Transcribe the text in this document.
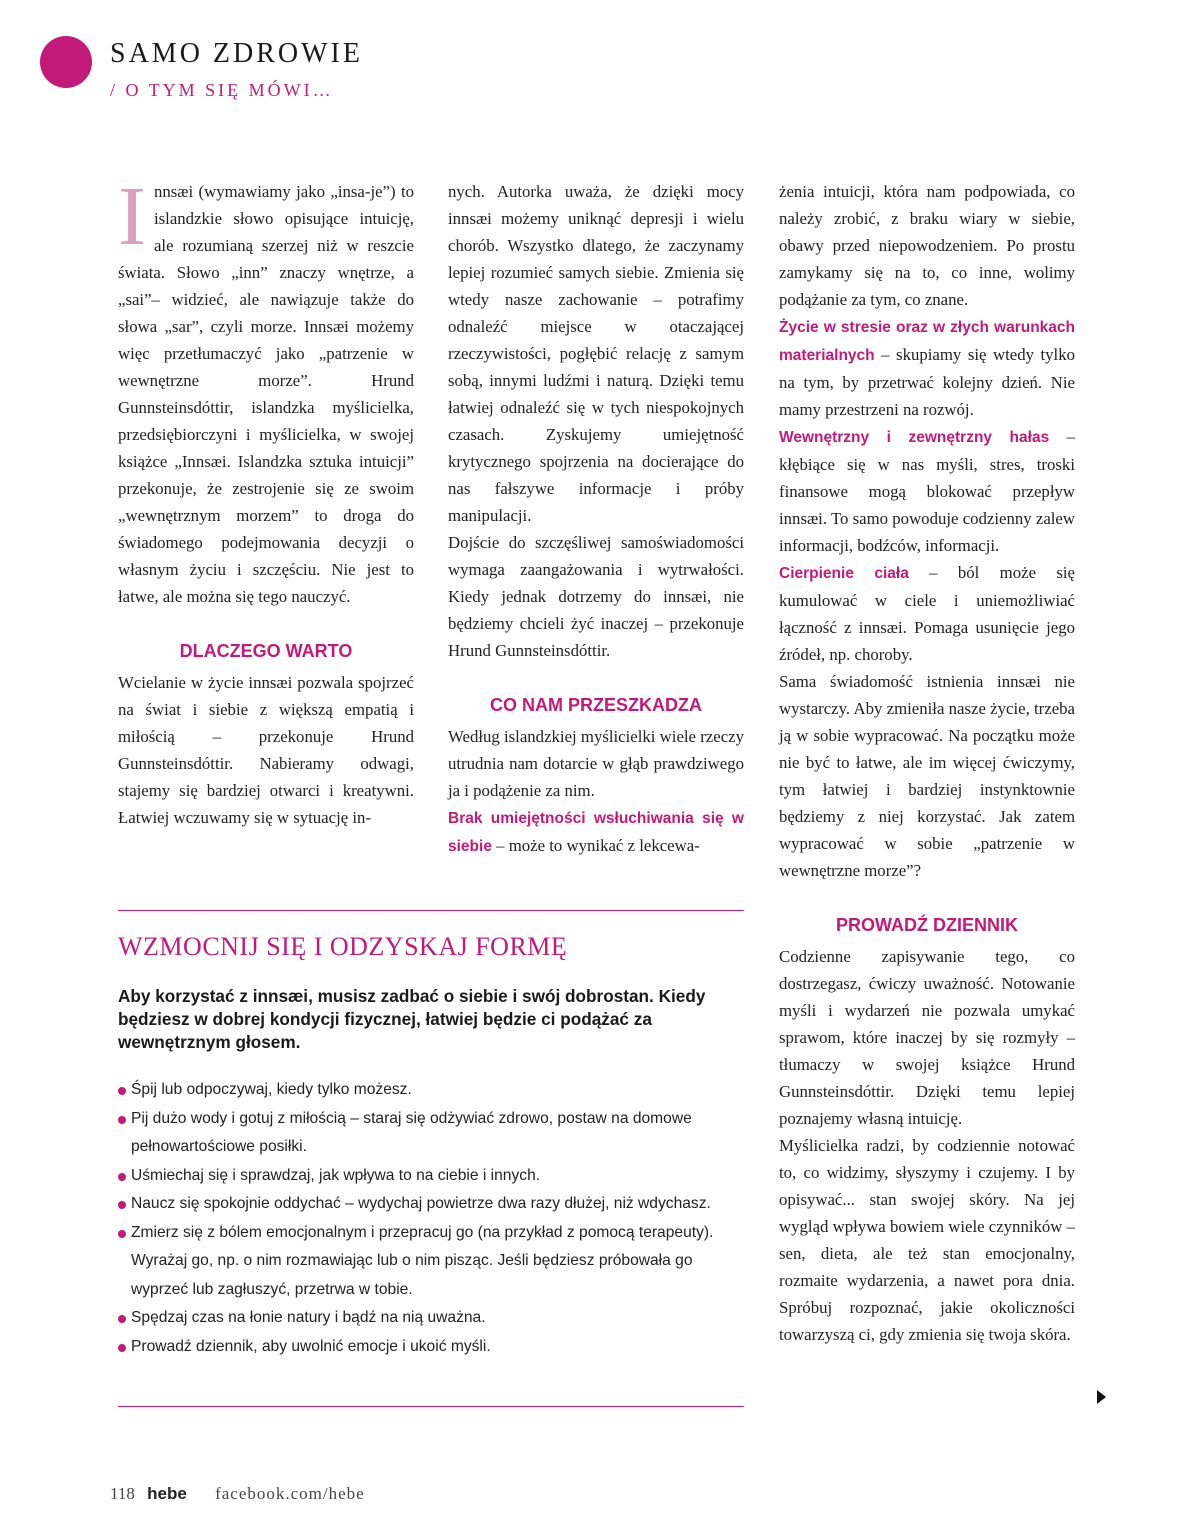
SAMO ZDROWIE
/ O TYM SIĘ MÓWI…

Innsæi (wymawiamy jako „insa-je”) to islandzkie słowo opisujące intuicję, ale rozumianą szerzej niż w reszcie świata. Słowo „inn” znaczy wnętrze, a „sai”– widzieć, ale nawiązuje także do słowa „sar”, czyli morze. Innsæi możemy więc przetłumaczyć jako „patrzenie w wewnętrzne morze”. Hrund Gunnsteinsdóttir, islandzka myślicielka, przedsiębiorczyni i myślicielka, w swojej książce „Innsæi. Islandzka sztuka intuicji” przekonuje, że zestrojenie się ze swoim „wewnętrznym morzem” to droga do świadomego podejmowania decyzji o własnym życiu i szczęściu. Nie jest to łatwe, ale można się tego nauczyć.

DLACZEGO WARTO

Wcielanie w życie innsæi pozwala spojrzeć na świat i siebie z większą empatią i miłością – przekonuje Hrund Gunnsteinsdóttir. Nabieramy odwagi, stajemy się bardziej otwarci i kreatywni. Łatwiej wczuwamy się w sytuację in-

nych. Autorka uważa, że dzięki mocy innsæi możemy uniknąć depresji i wielu chorób. Wszystko dlatego, że zaczynamy lepiej rozumieć samych siebie. Zmienia się wtedy nasze zachowanie – potrafimy odnaleźć miejsce w otaczającej rzeczywistości, pogłębić relację z samym sobą, innymi ludźmi i naturą. Dzięki temu łatwiej odnaleźć się w tych niespokojnych czasach. Zyskujemy umiejętność krytycznego spojrzenia na docierające do nas fałszywe informacje i próby manipulacji.

Dojście do szczęśliwej samoświadomości wymaga zaangażowania i wytrwałości. Kiedy jednak dotrzemy do innsæi, nie będziemy chcieli żyć inaczej – przekonuje Hrund Gunnsteinsdóttir.

CO NAM PRZESZKADZA

Według islandzkiej myślicielki wiele rzeczy utrudnia nam dotarcie w głąb prawdziwego ja i podążenie za nim.

Brak umiejętności wsłuchiwania się w siebie – może to wynikać z lekcewa-

żenia intuicji, która nam podpowiada, co należy zrobić, z braku wiary w siebie, obawy przed niepowodzeniem. Po prostu zamykamy się na to, co inne, wolimy podążanie za tym, co znane.

Życie w stresie oraz w złych warunkach materialnych – skupiamy się wtedy tylko na tym, by przetrwać kolejny dzień. Nie mamy przestrzeni na rozwój.

Wewnętrzny i zewnętrzny hałas – kłębiące się w nas myśli, stres, troski finansowe mogą blokować przepływ innsæi. To samo powoduje codzienny zalew informacji, bodźców, informacji.

Cierpienie ciała – ból może się kumulować w ciele i uniemożliwiać łączność z innsæi. Pomaga usunięcie jego źródeł, np. choroby.

Sama świadomość istnienia innsæi nie wystarczy. Aby zmieniła nasze życie, trzeba ją w sobie wypracować. Na początku może nie być to łatwe, ale im więcej ćwiczymy, tym łatwiej i bardziej instynktownie będziemy z niej korzystać. Jak zatem wypracować w sobie „patrzenie w wewnętrzne morze”?

PROWADŹ DZIENNIK

Codzienne zapisywanie tego, co dostrzegasz, ćwiczy uważność. Notowanie myśli i wydarzeń nie pozwala umykać sprawom, które inaczej by się rozmyły – tłumaczy w swojej książce Hrund Gunnsteinsdóttir. Dzięki temu lepiej poznajemy własną intuicję.

Myślicielka radzi, by codziennie notować to, co widzimy, słyszymy i czujemy. I by opisywać... stan swojej skóry. Na jej wygląd wpływa bowiem wiele czynników – sen, dieta, ale też stan emocjonalny, rozmaite wydarzenia, a nawet pora dnia. Spróbuj rozpoznać, jakie okoliczności towarzyszą ci, gdy zmienia się twoja skóra.

WZMOCNIJ SIĘ I ODZYSKAJ FORMĘ
Aby korzystać z innsæi, musisz zadbać o siebie i swój dobrostan. Kiedy będziesz w dobrej kondycji fizycznej, łatwiej będzie ci podążać za wewnętrznym głosem.
Śpij lub odpoczywaj, kiedy tylko możesz.
Pij dużo wody i gotuj z miłością – staraj się odżywiać zdrowo, postaw na domowe pełnowartościowe posiłki.
Uśmiechaj się i sprawdzaj, jak wpływa to na ciebie i innych.
Naucz się spokojnie oddychać – wydychaj powietrze dwa razy dłużej, niż wdychasz.
Zmierz się z bólem emocjonalnym i przepracuj go (na przykład z pomocą terapeuty). Wyrażaj go, np. o nim rozmawiając lub o nim pisząc. Jeśli będziesz próbowała go wyprzeć lub zagłuszyć, przetrwa w tobie.
Spędzaj czas na łonie natury i bądź na nią uważna.
Prowadź dziennik, aby uwolnić emocje i ukoić myśli.
118 hebe facebook.com/hebe
